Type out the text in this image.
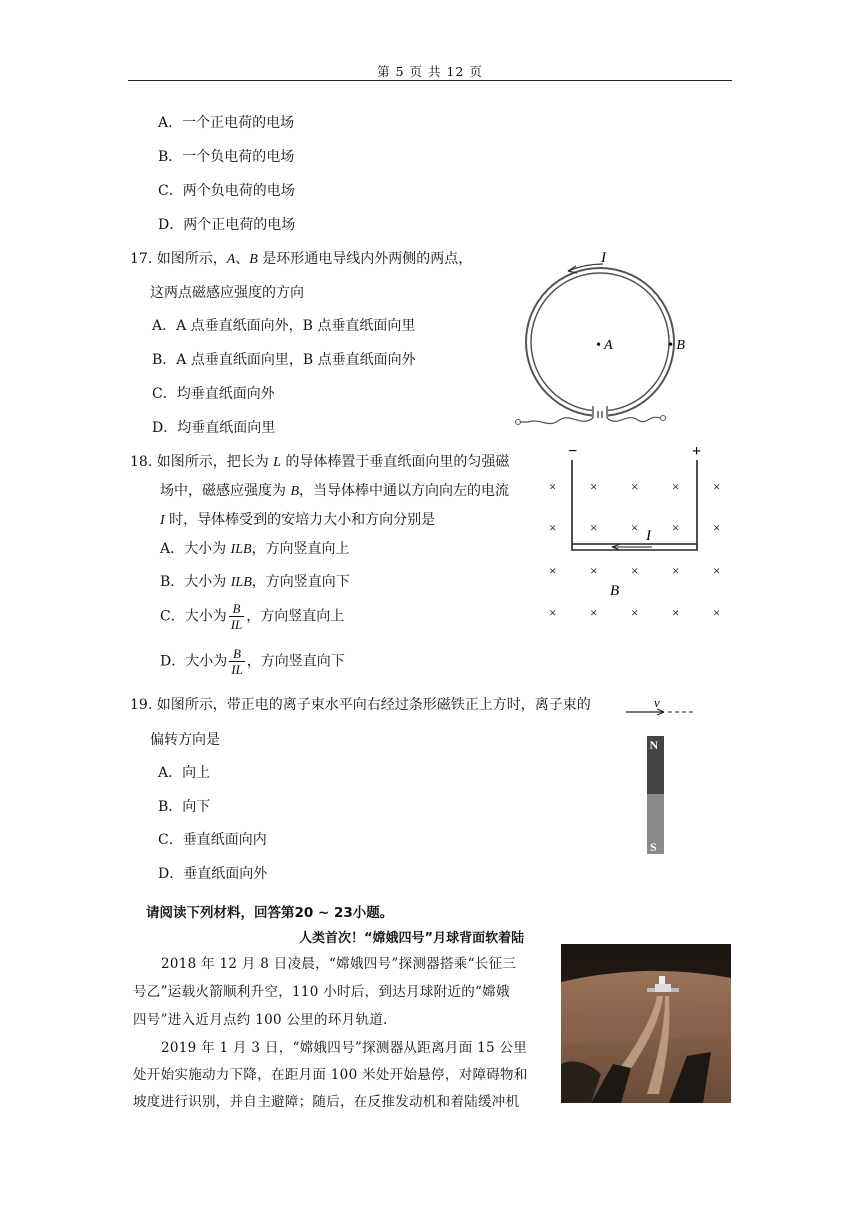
第 5 页 共 12 页
A．一个正电荷的电场
B．一个负电荷的电场
C．两个负电荷的电场
D．两个正电荷的电场
17. 如图所示，A、B 是环形通电导线内外两侧的两点，
这两点磁感应强度的方向
A．A 点垂直纸面向外，B 点垂直纸面向里
B．A 点垂直纸面向里，B 点垂直纸面向外
C．均垂直纸面向外
D．均垂直纸面向里
I
• A	• B
18. 如图所示，把长为 L 的导体棒置于垂直纸面向里的匀强磁
场中，磁感应强度为 B，当导体棒中通以方向向左的电流
I 时，导体棒受到的安培力大小和方向分别是
A．大小为 ILB，方向竖直向上
B．大小为 ILB，方向竖直向下
C．大小为 $\frac{B}{IL}$ ，方向竖直向上
D．大小为 $\frac{B}{IL}$ ，方向竖直向下
−	+
I
B
×	×	×	×	×
×	×	×	×	×
×	×	×	×	×
×	×	×	×	×
19. 如图所示，带正电的离子束水平向右经过条形磁铁正上方时，离子束的
偏转方向是
A．向上
B．向下
C．垂直纸面向内
D．垂直纸面向外
v
N
S
请阅读下列材料，回答第20 ~ 23小题。
人类首次！“嫦娥四号”月球背面软着陆
2018 年 12 月 8 日凌晨，“嫦娥四号”探测器搭乘“长征三
号乙”运载火箭顺利升空，110 小时后，到达月球附近的“嫦娥
四号”进入近月点约 100 公里的环月轨道.
2019 年 1 月 3 日，“嫦娥四号”探测器从距离月面 15 公里
处开始实施动力下降，在距月面 100 米处开始悬停，对障碍物和
坡度进行识别，并自主避障；随后，在反推发动机和着陆缓冲机
